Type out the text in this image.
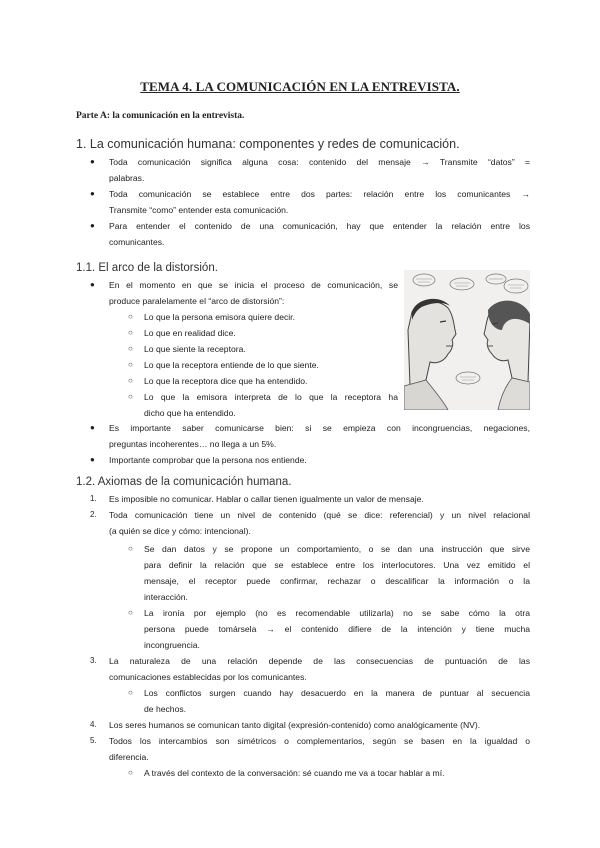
TEMA 4. LA COMUNICACIÓN EN LA ENTREVISTA.
Parte A: la comunicación en la entrevista.
1. La comunicación humana: componentes y redes de comunicación.
● Toda comunicación significa alguna cosa: contenido del mensaje → Transmite “datos” =
palabras.
● Toda comunicación se establece entre dos partes: relación entre los comunicantes →
Transmite “como” entender esta comunicación.
● Para entender el contenido de una comunicación, hay que entender la relación entre los
comunicantes.
1.1. El arco de la distorsión.
● En el momento en que se inicia el proceso de comunicación, se
produce paralelamente el “arco de distorsión”:
○ Lo que la persona emisora quiere decir.
○ Lo que en realidad dice.
○ Lo que siente la receptora.
○ Lo que la receptora entiende de lo que siente.
○ Lo que la receptora dice que ha entendido.
○ Lo que la emisora interpreta de lo que la receptora ha
dicho que ha entendido.
● Es importante saber comunicarse bien: si se empieza con incongruencias, negaciones,
preguntas incoherentes… no llega a un 5%.
● Importante comprobar que la persona nos entiende.
1.2. Axiomas de la comunicación humana.
1. Es imposible no comunicar. Hablar o callar tienen igualmente un valor de mensaje.
2. Toda comunicación tiene un nivel de contenido (qué se dice: referencial) y un nivel relacional
(a quién se dice y cómo: intencional).
○ Se dan datos y se propone un comportamiento, o se dan una instrucción que sirve
para definir la relación que se establece entre los interlocutores. Una vez emitido el
mensaje, el receptor puede confirmar, rechazar o descalificar la información o la
interacción.
○ La ironía por ejemplo (no es recomendable utilizarla) no se sabe cómo la otra
persona puede tomársela → el contenido difiere de la intención y tiene mucha
incongruencia.
3. La naturaleza de una relación depende de las consecuencias de puntuación de las
comunicaciones establecidas por los comunicantes.
○ Los conflictos surgen cuando hay desacuerdo en la manera de puntuar al secuencia
de hechos.
4. Los seres humanos se comunican tanto digital (expresión-contenido) como analógicamente (NV).
5. Todos los intercambios son simétricos o complementarios, según se basen en la igualdad o
diferencia.
○ A través del contexto de la conversación: sé cuando me va a tocar hablar a mí.
